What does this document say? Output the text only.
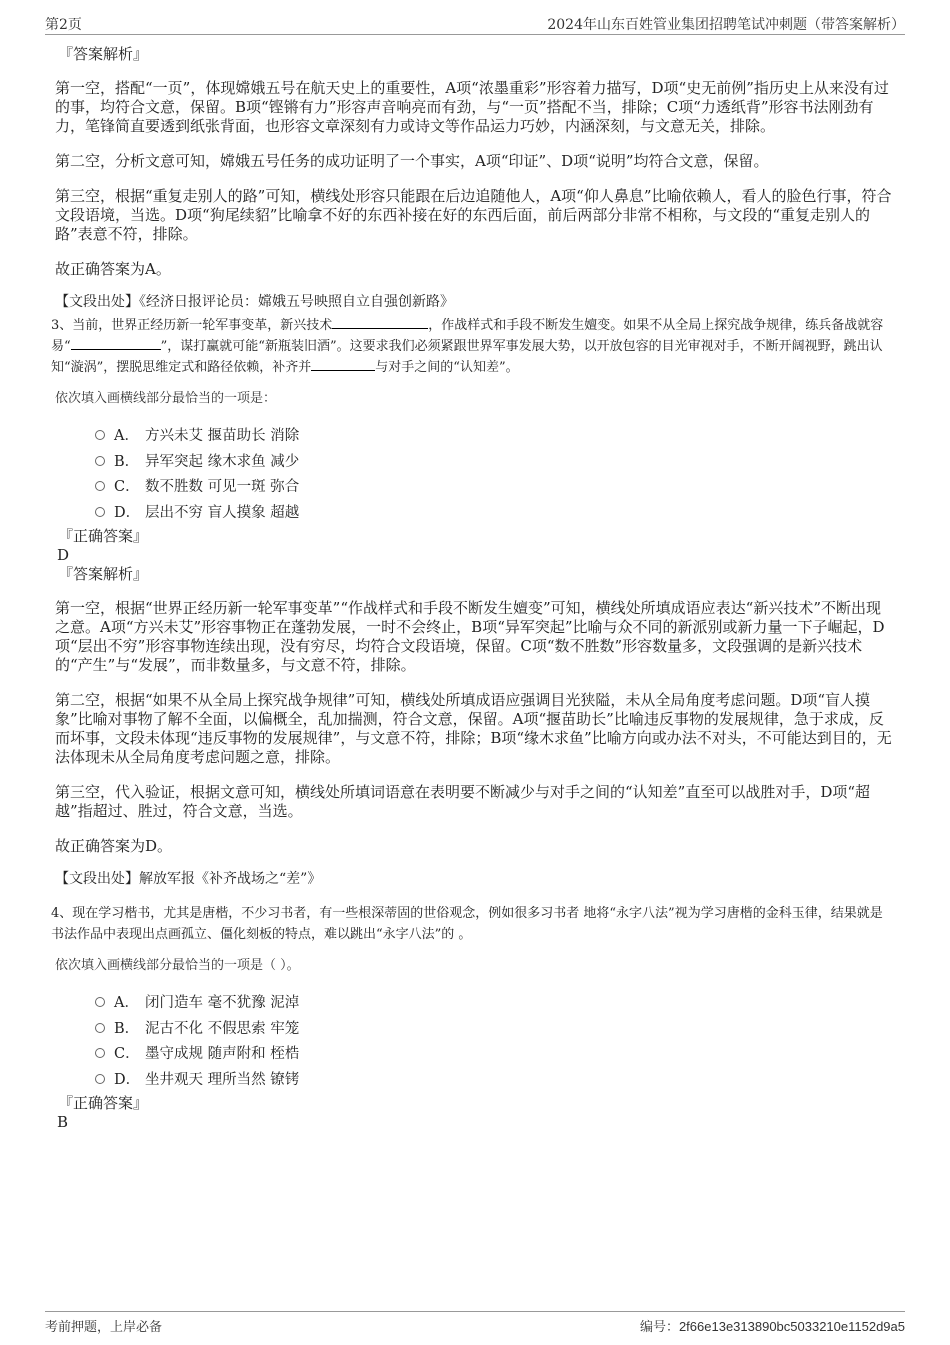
第2页	2024年山东百姓管业集团招聘笔试冲刺题（带答案解析）

『答案解析』

第一空，搭配“一页”，体现嫦娥五号在航天史上的重要性，A项“浓墨重彩”形容着力描写，D项“史无前例”指历史上从来没有过的事，均符合文意，保留。B项“铿锵有力”形容声音响亮而有劲，与“一页”搭配不当，排除；C项“力透纸背”形容书法刚劲有力，笔锋简直要透到纸张背面，也形容文章深刻有力或诗文等作品运力巧妙，内涵深刻，与文意无关，排除。

第二空，分析文意可知，嫦娥五号任务的成功证明了一个事实，A项“印证”、D项“说明”均符合文意，保留。

第三空，根据“重复走别人的路”可知，横线处形容只能跟在后边追随他人，A项“仰人鼻息”比喻依赖人，看人的脸色行事，符合文段语境，当选。D项“狗尾续貂”比喻拿不好的东西补接在好的东西后面，前后两部分非常不相称，与文段的“重复走别人的路”表意不符，排除。

故正确答案为A。

【文段出处】《经济日报评论员：嫦娥五号映照自立自强创新路》

3、当前，世界正经历新一轮军事变革，新兴技术	，作战样式和手段不断发生嬗变。如果不从全局上探究战争规律，练兵备战就容易“	”，谋打赢就可能“新瓶装旧酒”。这要求我们必须紧跟世界军事发展大势，以开放包容的目光审视对手，不断开阔视野，跳出认知“漩涡”，摆脱思维定式和路径依赖，补齐并	与对手之间的“认知差”。

依次填入画横线部分最恰当的一项是：

A． 方兴未艾 揠苗助长 消除
B． 异军突起 缘木求鱼 减少
C． 数不胜数 可见一斑 弥合
D． 层出不穷 盲人摸象 超越

『正确答案』

D

『答案解析』

第一空，根据“世界正经历新一轮军事变革”“作战样式和手段不断发生嬗变”可知，横线处所填成语应表达“新兴技术”不断出现之意。A项“方兴未艾”形容事物正在蓬勃发展，一时不会终止，B项“异军突起”比喻与众不同的新派别或新力量一下子崛起，D项“层出不穷”形容事物连续出现，没有穷尽，均符合文段语境，保留。C项“数不胜数”形容数量多，文段强调的是新兴技术的“产生”与“发展”，而非数量多，与文意不符，排除。

第二空，根据“如果不从全局上探究战争规律”可知，横线处所填成语应强调目光狭隘，未从全局角度考虑问题。D项“盲人摸象”比喻对事物了解不全面，以偏概全，乱加揣测，符合文意，保留。A项“揠苗助长”比喻违反事物的发展规律，急于求成，反而坏事，文段未体现“违反事物的发展规律”，与文意不符，排除；B项“缘木求鱼”比喻方向或办法不对头，不可能达到目的，无法体现未从全局角度考虑问题之意，排除。

第三空，代入验证，根据文意可知，横线处所填词语意在表明要不断减少与对手之间的“认知差”直至可以战胜对手，D项“超越”指超过、胜过，符合文意，当选。

故正确答案为D。

【文段出处】解放军报《补齐战场之“差”》

4、现在学习楷书，尤其是唐楷，不少习书者，有一些根深蒂固的世俗观念，例如很多习书者 地将“永字八法”视为学习唐楷的金科玉律，结果就是书法作品中表现出点画孤立、僵化刻板的特点，难以跳出“永字八法”的 。

依次填入画横线部分最恰当的一项是（ ）。

A． 闭门造车 毫不犹豫 泥淖
B． 泥古不化 不假思索 牢笼
C． 墨守成规 随声附和 桎梏
D． 坐井观天 理所当然 镣铐

『正确答案』

B

考前押题，上岸必备	编号：2f66e13e313890bc5033210e1152d9a5
